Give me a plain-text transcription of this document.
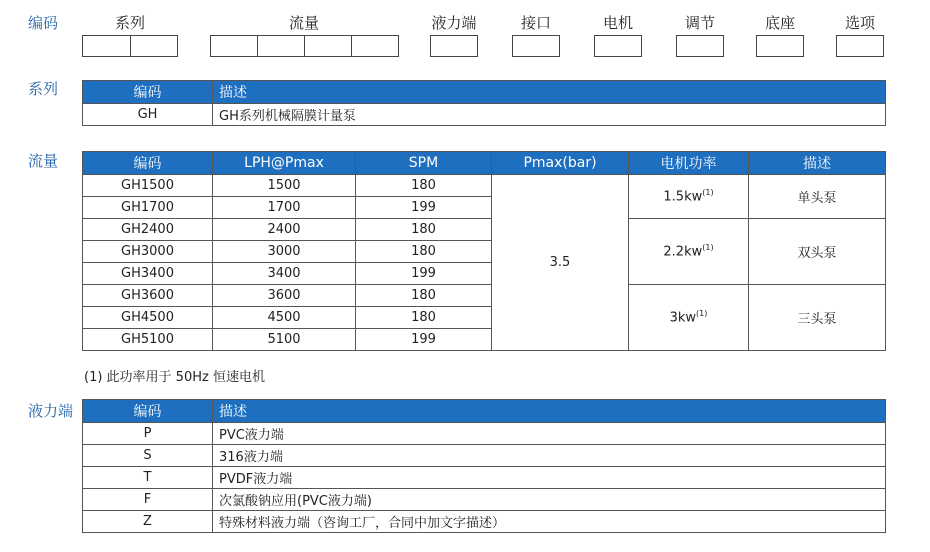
编码	系列	流量	液力端	接口	电机	调节	底座	选项
系列	编码	描述
GH	GH系列机械隔膜计量泵
流量	编码	LPH@Pmax	SPM	Pmax(bar)	电机功率	描述
GH1500	1500	180	3.5	$1.5kw^{(1)}$	单头泵
GH1700	1700	199			
GH2400	2400	180		$2.2kw^{(1)}$	双头泵
GH3000	3000	180			
GH3400	3400	199			
GH3600	3600	180		$3kw^{(1)}$	三头泵
GH4500	4500	180			
GH5100	5100	199			
(1) 此功率用于 50Hz 恒速电机
液力端	编码	描述
P	PVC液力端
S	316液力端
T	PVDF液力端
F	次氯酸钠应用(PVC液力端)
Z	特殊材料液力端（咨询工厂，合同中加文字描述）
